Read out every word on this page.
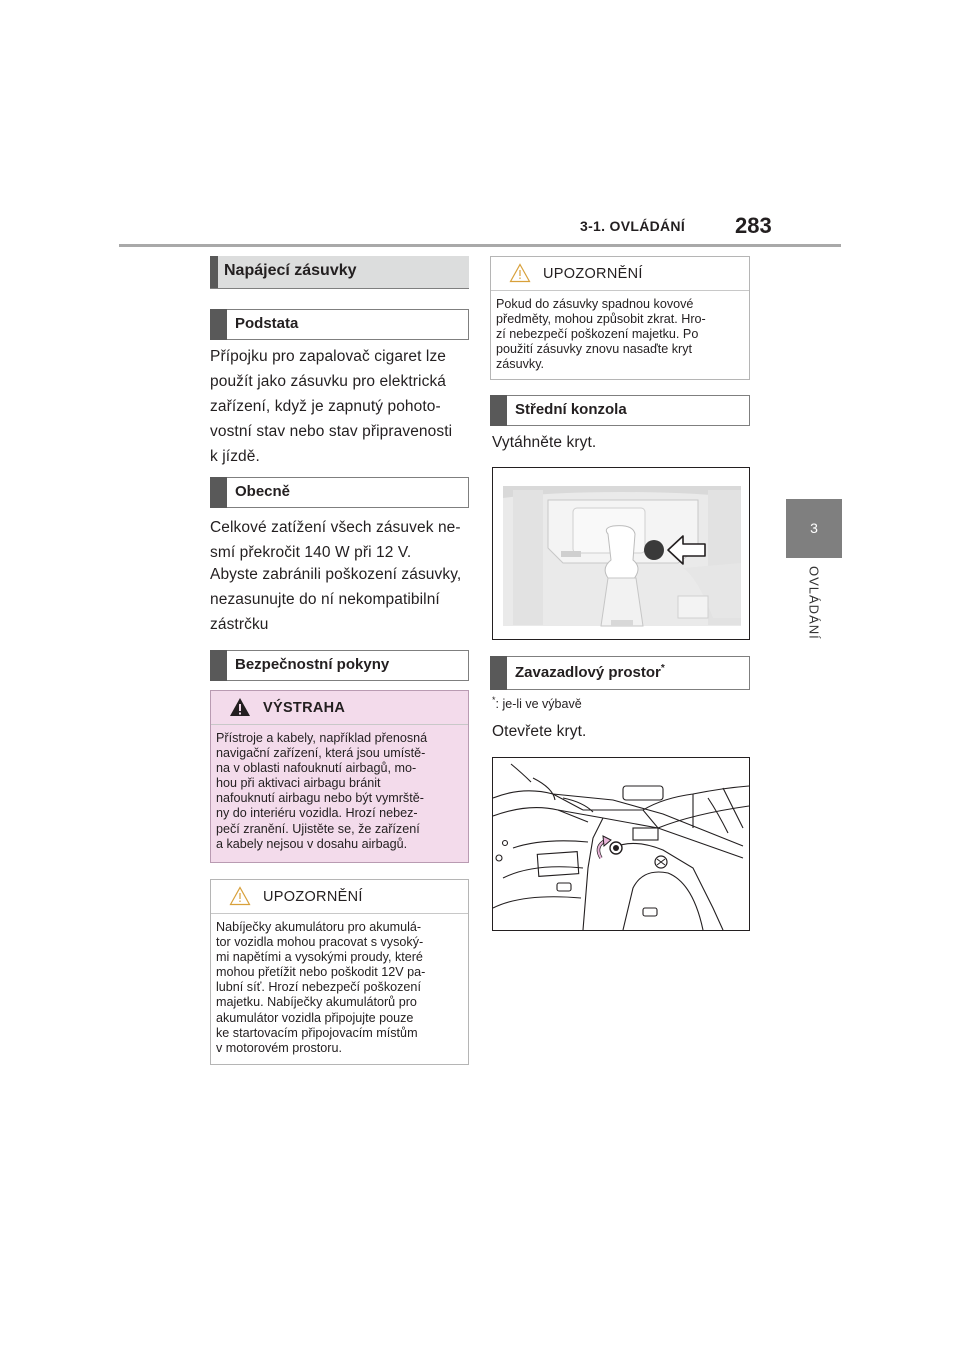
3-1. OVLÁDÁNÍ 283
3
OVLÁDÁNÍ
Napájecí zásuvky
Podstata
Přípojku pro zapalovač cigaret lze
použít jako zásuvku pro elektrická
zařízení, když je zapnutý pohoto-
vostní stav nebo stav připravenosti
k jízdě.
Obecně
Celkové zatížení všech zásuvek ne-
smí překročit 140 W při 12 V.
Abyste zabránili poškození zásuvky,
nezasunujte do ní nekompatibilní
zástrčku
Bezpečnostní pokyny
VÝSTRAHA
Přístroje a kabely, například přenosná
navigační zařízení, která jsou umístě-
na v oblasti nafouknutí airbagů, mo-
hou při aktivaci airbagu bránit
nafouknutí airbagu nebo být vymrště-
ny do interiéru vozidla. Hrozí nebez-
pečí zranění. Ujistěte se, že zařízení
a kabely nejsou v dosahu airbagů.
UPOZORNĚNÍ
Nabíječky akumulátoru pro akumulá-
tor vozidla mohou pracovat s vysoký-
mi napětími a vysokými proudy, které
mohou přetížit nebo poškodit 12V pa-
lubní síť. Hrozí nebezpečí poškození
majetku. Nabíječky akumulátorů pro
akumulátor vozidla připojujte pouze
ke startovacím připojovacím místům
v motorovém prostoru.
UPOZORNĚNÍ
Pokud do zásuvky spadnou kovové
předměty, mohou způsobit zkrat. Hro-
zí nebezpečí poškození majetku. Po
použití zásuvky znovu nasaďte kryt
zásuvky.
Střední konzola
Vytáhněte kryt.
Zavazadlový prostor*
*: je-li ve výbavě
Otevřete kryt.
